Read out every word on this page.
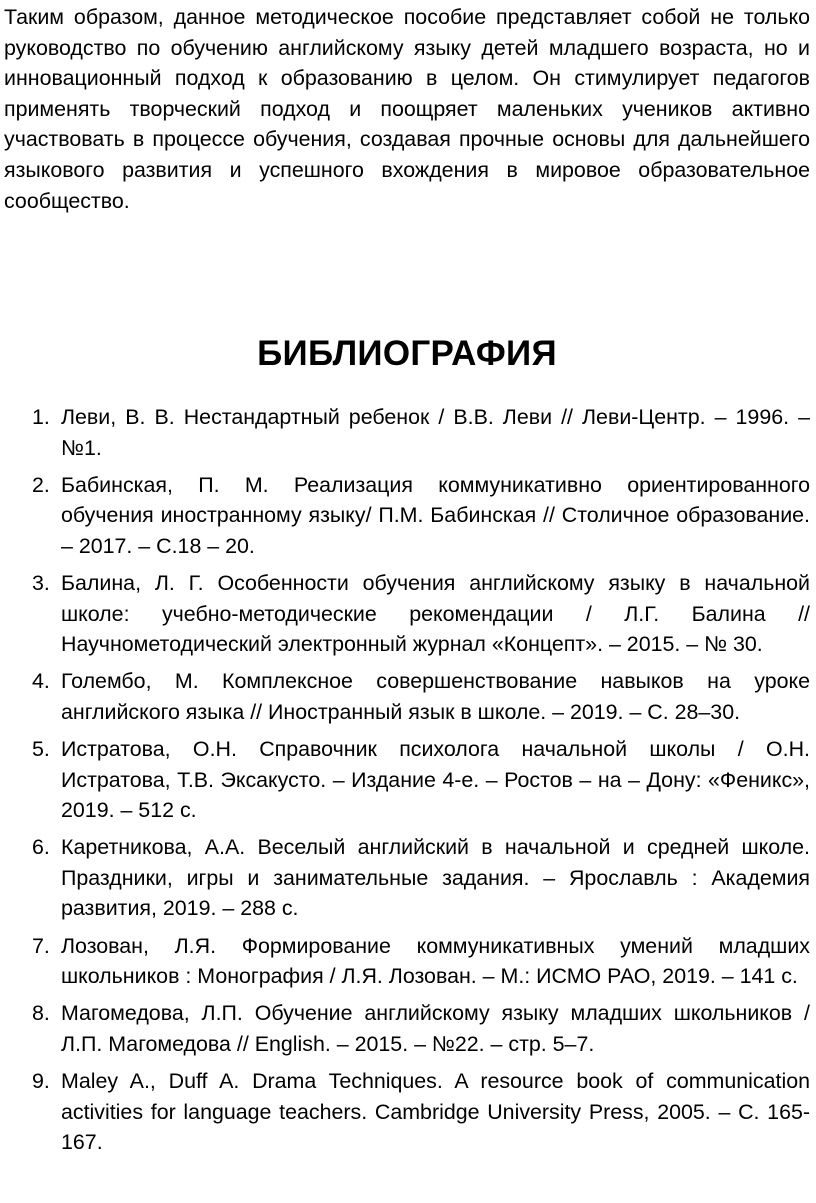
Таким образом, данное методическое пособие представляет собой не только руководство по обучению английскому языку детей младшего возраста, но и инновационный подход к образованию в целом. Он стимулирует педагогов применять творческий подход и поощряет маленьких учеников активно участвовать в процессе обучения, создавая прочные основы для дальнейшего языкового развития и успешного вхождения в мировое образовательное сообщество.

БИБЛИОГРАФИЯ
1. Леви, В. В. Нестандартный ребенок / В.В. Леви // Леви-Центр. – 1996. – №1.
2. Бабинская, П. М. Реализация коммуникативно ориентированного обучения иностранному языку/ П.М. Бабинская // Столичное образование. – 2017. – С.18 – 20.
3. Балина, Л. Г. Особенности обучения английскому языку в начальной школе: учебно-методические рекомендации / Л.Г. Балина // Научнометодический электронный журнал «Концепт». – 2015. – № 30.
4. Голембо, М. Комплексное совершенствование навыков на уроке английского языка // Иностранный язык в школе. – 2019. – С. 28–30.
5. Истратова, О.Н. Справочник психолога начальной школы / О.Н. Истратова, Т.В. Эксакусто. – Издание 4-е. – Ростов – на – Дону: «Феникс», 2019. – 512 с.
6. Каретникова, А.А. Веселый английский в начальной и средней школе. Праздники, игры и занимательные задания. – Ярославль : Академия развития, 2019. – 288 с.
7. Лозован, Л.Я. Формирование коммуникативных умений младших школьников : Монография / Л.Я. Лозован. – М.: ИСМО РАО, 2019. – 141 с.
8. Магомедова, Л.П. Обучение английскому языку младших школьников / Л.П. Магомедова // English. – 2015. – №22. – стр. 5–7.
9. Maley A., Duff A. Drama Techniques. A resource book of communication activities for language teachers. Cambridge University Press, 2005. – С. 165-167.
